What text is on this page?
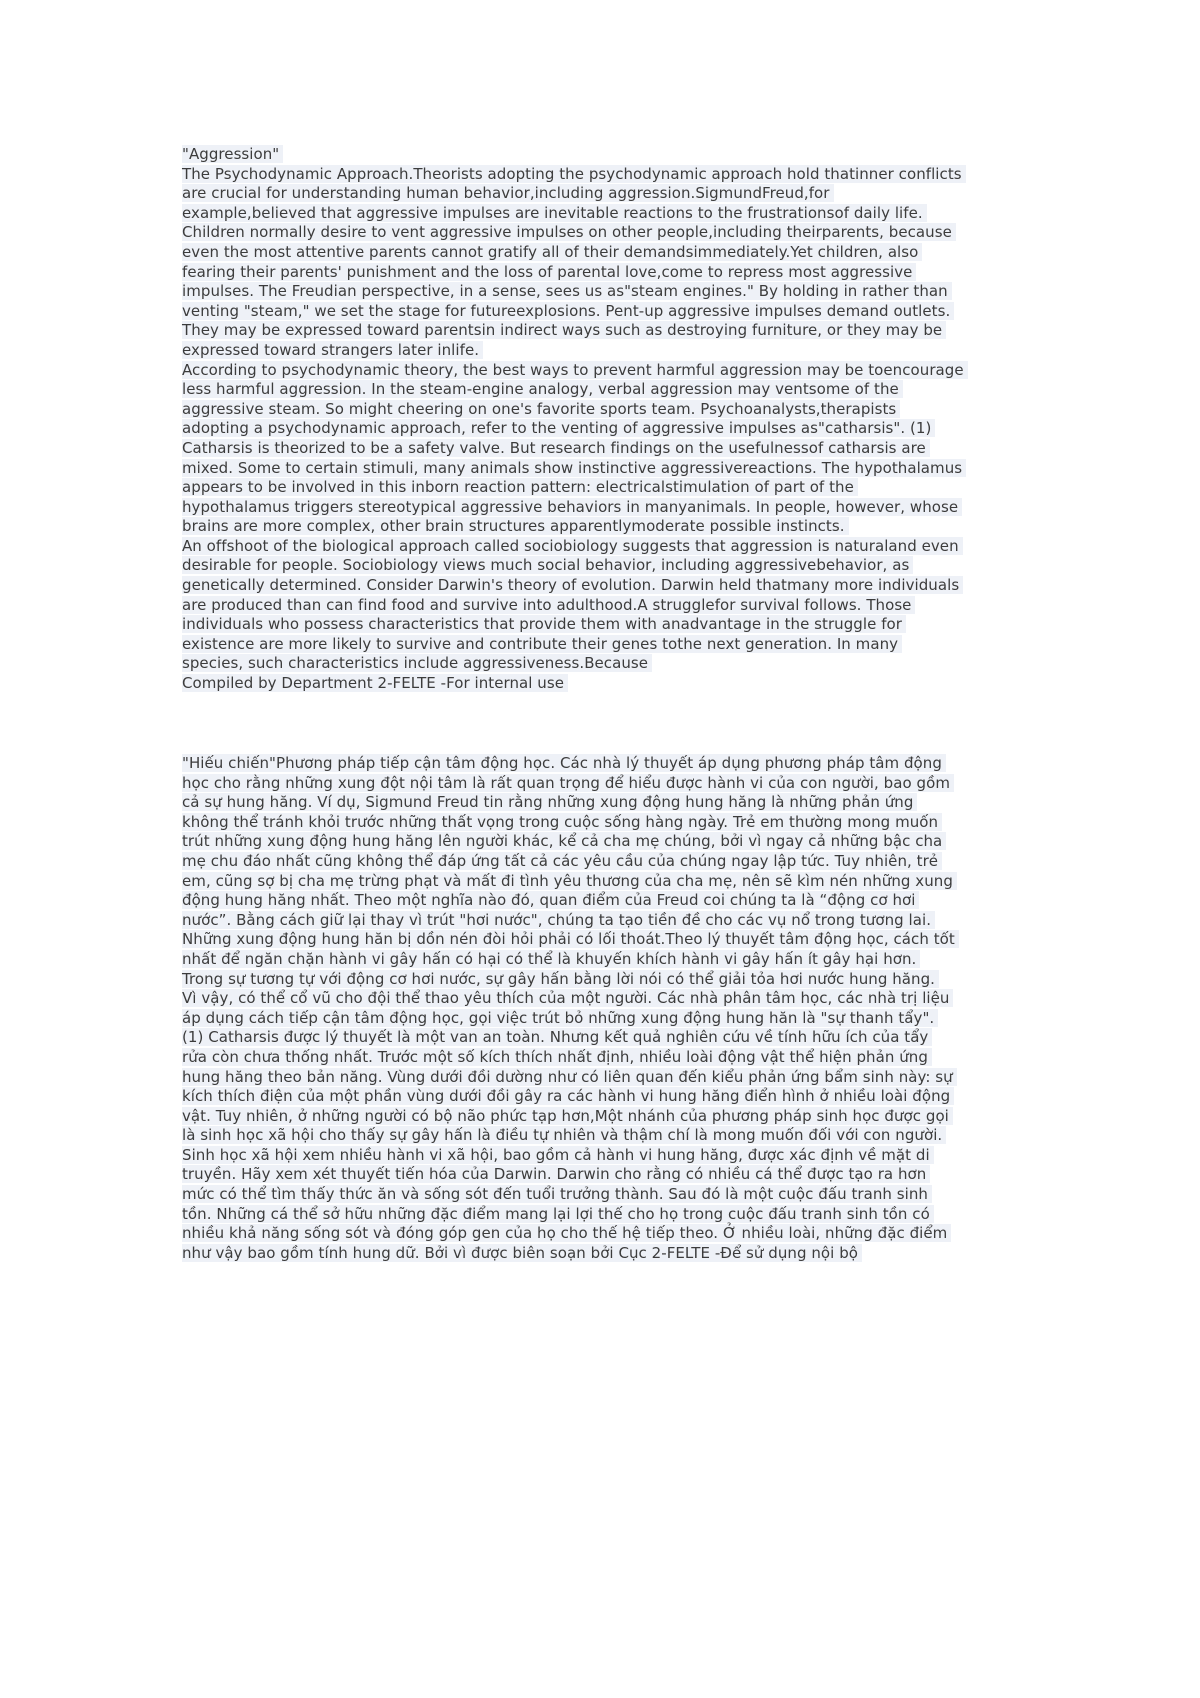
"Aggression"
The Psychodynamic Approach.Theorists adopting the psychodynamic approach hold thatinner conflicts
are crucial for understanding human behavior,including aggression.SigmundFreud,for
example,believed that aggressive impulses are inevitable reactions to the frustrationsof daily life.
Children normally desire to vent aggressive impulses on other people,including theirparents, because
even the most attentive parents cannot gratify all of their demandsimmediately.Yet children, also
fearing their parents' punishment and the loss of parental love,come to repress most aggressive
impulses. The Freudian perspective, in a sense, sees us as"steam engines." By holding in rather than
venting "steam," we set the stage for futureexplosions. Pent-up aggressive impulses demand outlets.
They may be expressed toward parentsin indirect ways such as destroying furniture, or they may be
expressed toward strangers later inlife.
According to psychodynamic theory, the best ways to prevent harmful aggression may be toencourage
less harmful aggression. In the steam-engine analogy, verbal aggression may ventsome of the
aggressive steam. So might cheering on one's favorite sports team. Psychoanalysts,therapists
adopting a psychodynamic approach, refer to the venting of aggressive impulses as"catharsis". (1)
Catharsis is theorized to be a safety valve. But research findings on the usefulnessof catharsis are
mixed. Some to certain stimuli, many animals show instinctive aggressivereactions. The hypothalamus
appears to be involved in this inborn reaction pattern: electricalstimulation of part of the
hypothalamus triggers stereotypical aggressive behaviors in manyanimals. In people, however, whose
brains are more complex, other brain structures apparentlymoderate possible instincts.
An offshoot of the biological approach called sociobiology suggests that aggression is naturaland even
desirable for people. Sociobiology views much social behavior, including aggressivebehavior, as
genetically determined. Consider Darwin's theory of evolution. Darwin held thatmany more individuals
are produced than can find food and survive into adulthood.A strugglefor survival follows. Those
individuals who possess characteristics that provide them with anadvantage in the struggle for
existence are more likely to survive and contribute their genes tothe next generation. In many
species, such characteristics include aggressiveness.Because
Compiled by Department 2-FELTE -For internal use
"Hiếu chiến"Phương pháp tiếp cận tâm động học. Các nhà lý thuyết áp dụng phương pháp tâm động
học cho rằng những xung đột nội tâm là rất quan trọng để hiểu được hành vi của con người, bao gồm
cả sự hung hăng. Ví dụ, Sigmund Freud tin rằng những xung động hung hăng là những phản ứng
không thể tránh khỏi trước những thất vọng trong cuộc sống hàng ngày. Trẻ em thường mong muốn
trút những xung động hung hăng lên người khác, kể cả cha mẹ chúng, bởi vì ngay cả những bậc cha
mẹ chu đáo nhất cũng không thể đáp ứng tất cả các yêu cầu của chúng ngay lập tức. Tuy nhiên, trẻ
em, cũng sợ bị cha mẹ trừng phạt và mất đi tình yêu thương của cha mẹ, nên sẽ kìm nén những xung
động hung hăng nhất. Theo một nghĩa nào đó, quan điểm của Freud coi chúng ta là “động cơ hơi
nước”. Bằng cách giữ lại thay vì trút "hơi nước", chúng ta tạo tiền đề cho các vụ nổ trong tương lai.
Những xung động hung hăn bị dồn nén đòi hỏi phải có lối thoát.Theo lý thuyết tâm động học, cách tốt
nhất để ngăn chặn hành vi gây hấn có hại có thể là khuyến khích hành vi gây hấn ít gây hại hơn.
Trong sự tương tự với động cơ hơi nước, sự gây hấn bằng lời nói có thể giải tỏa hơi nước hung hăng.
Vì vậy, có thể cổ vũ cho đội thể thao yêu thích của một người. Các nhà phân tâm học, các nhà trị liệu
áp dụng cách tiếp cận tâm động học, gọi việc trút bỏ những xung động hung hăn là "sự thanh tẩy".
(1) Catharsis được lý thuyết là một van an toàn. Nhưng kết quả nghiên cứu về tính hữu ích của tẩy
rửa còn chưa thống nhất. Trước một số kích thích nhất định, nhiều loài động vật thể hiện phản ứng
hung hăng theo bản năng. Vùng dưới đồi dường như có liên quan đến kiểu phản ứng bẩm sinh này: sự
kích thích điện của một phần vùng dưới đồi gây ra các hành vi hung hăng điển hình ở nhiều loài động
vật. Tuy nhiên, ở những người có bộ não phức tạp hơn,Một nhánh của phương pháp sinh học được gọi
là sinh học xã hội cho thấy sự gây hấn là điều tự nhiên và thậm chí là mong muốn đối với con người.
Sinh học xã hội xem nhiều hành vi xã hội, bao gồm cả hành vi hung hăng, được xác định về mặt di
truyền. Hãy xem xét thuyết tiến hóa của Darwin. Darwin cho rằng có nhiều cá thể được tạo ra hơn
mức có thể tìm thấy thức ăn và sống sót đến tuổi trưởng thành. Sau đó là một cuộc đấu tranh sinh
tồn. Những cá thể sở hữu những đặc điểm mang lại lợi thế cho họ trong cuộc đấu tranh sinh tồn có
nhiều khả năng sống sót và đóng góp gen của họ cho thế hệ tiếp theo. Ở nhiều loài, những đặc điểm
như vậy bao gồm tính hung dữ. Bởi vì được biên soạn bởi Cục 2-FELTE -Để sử dụng nội bộ
